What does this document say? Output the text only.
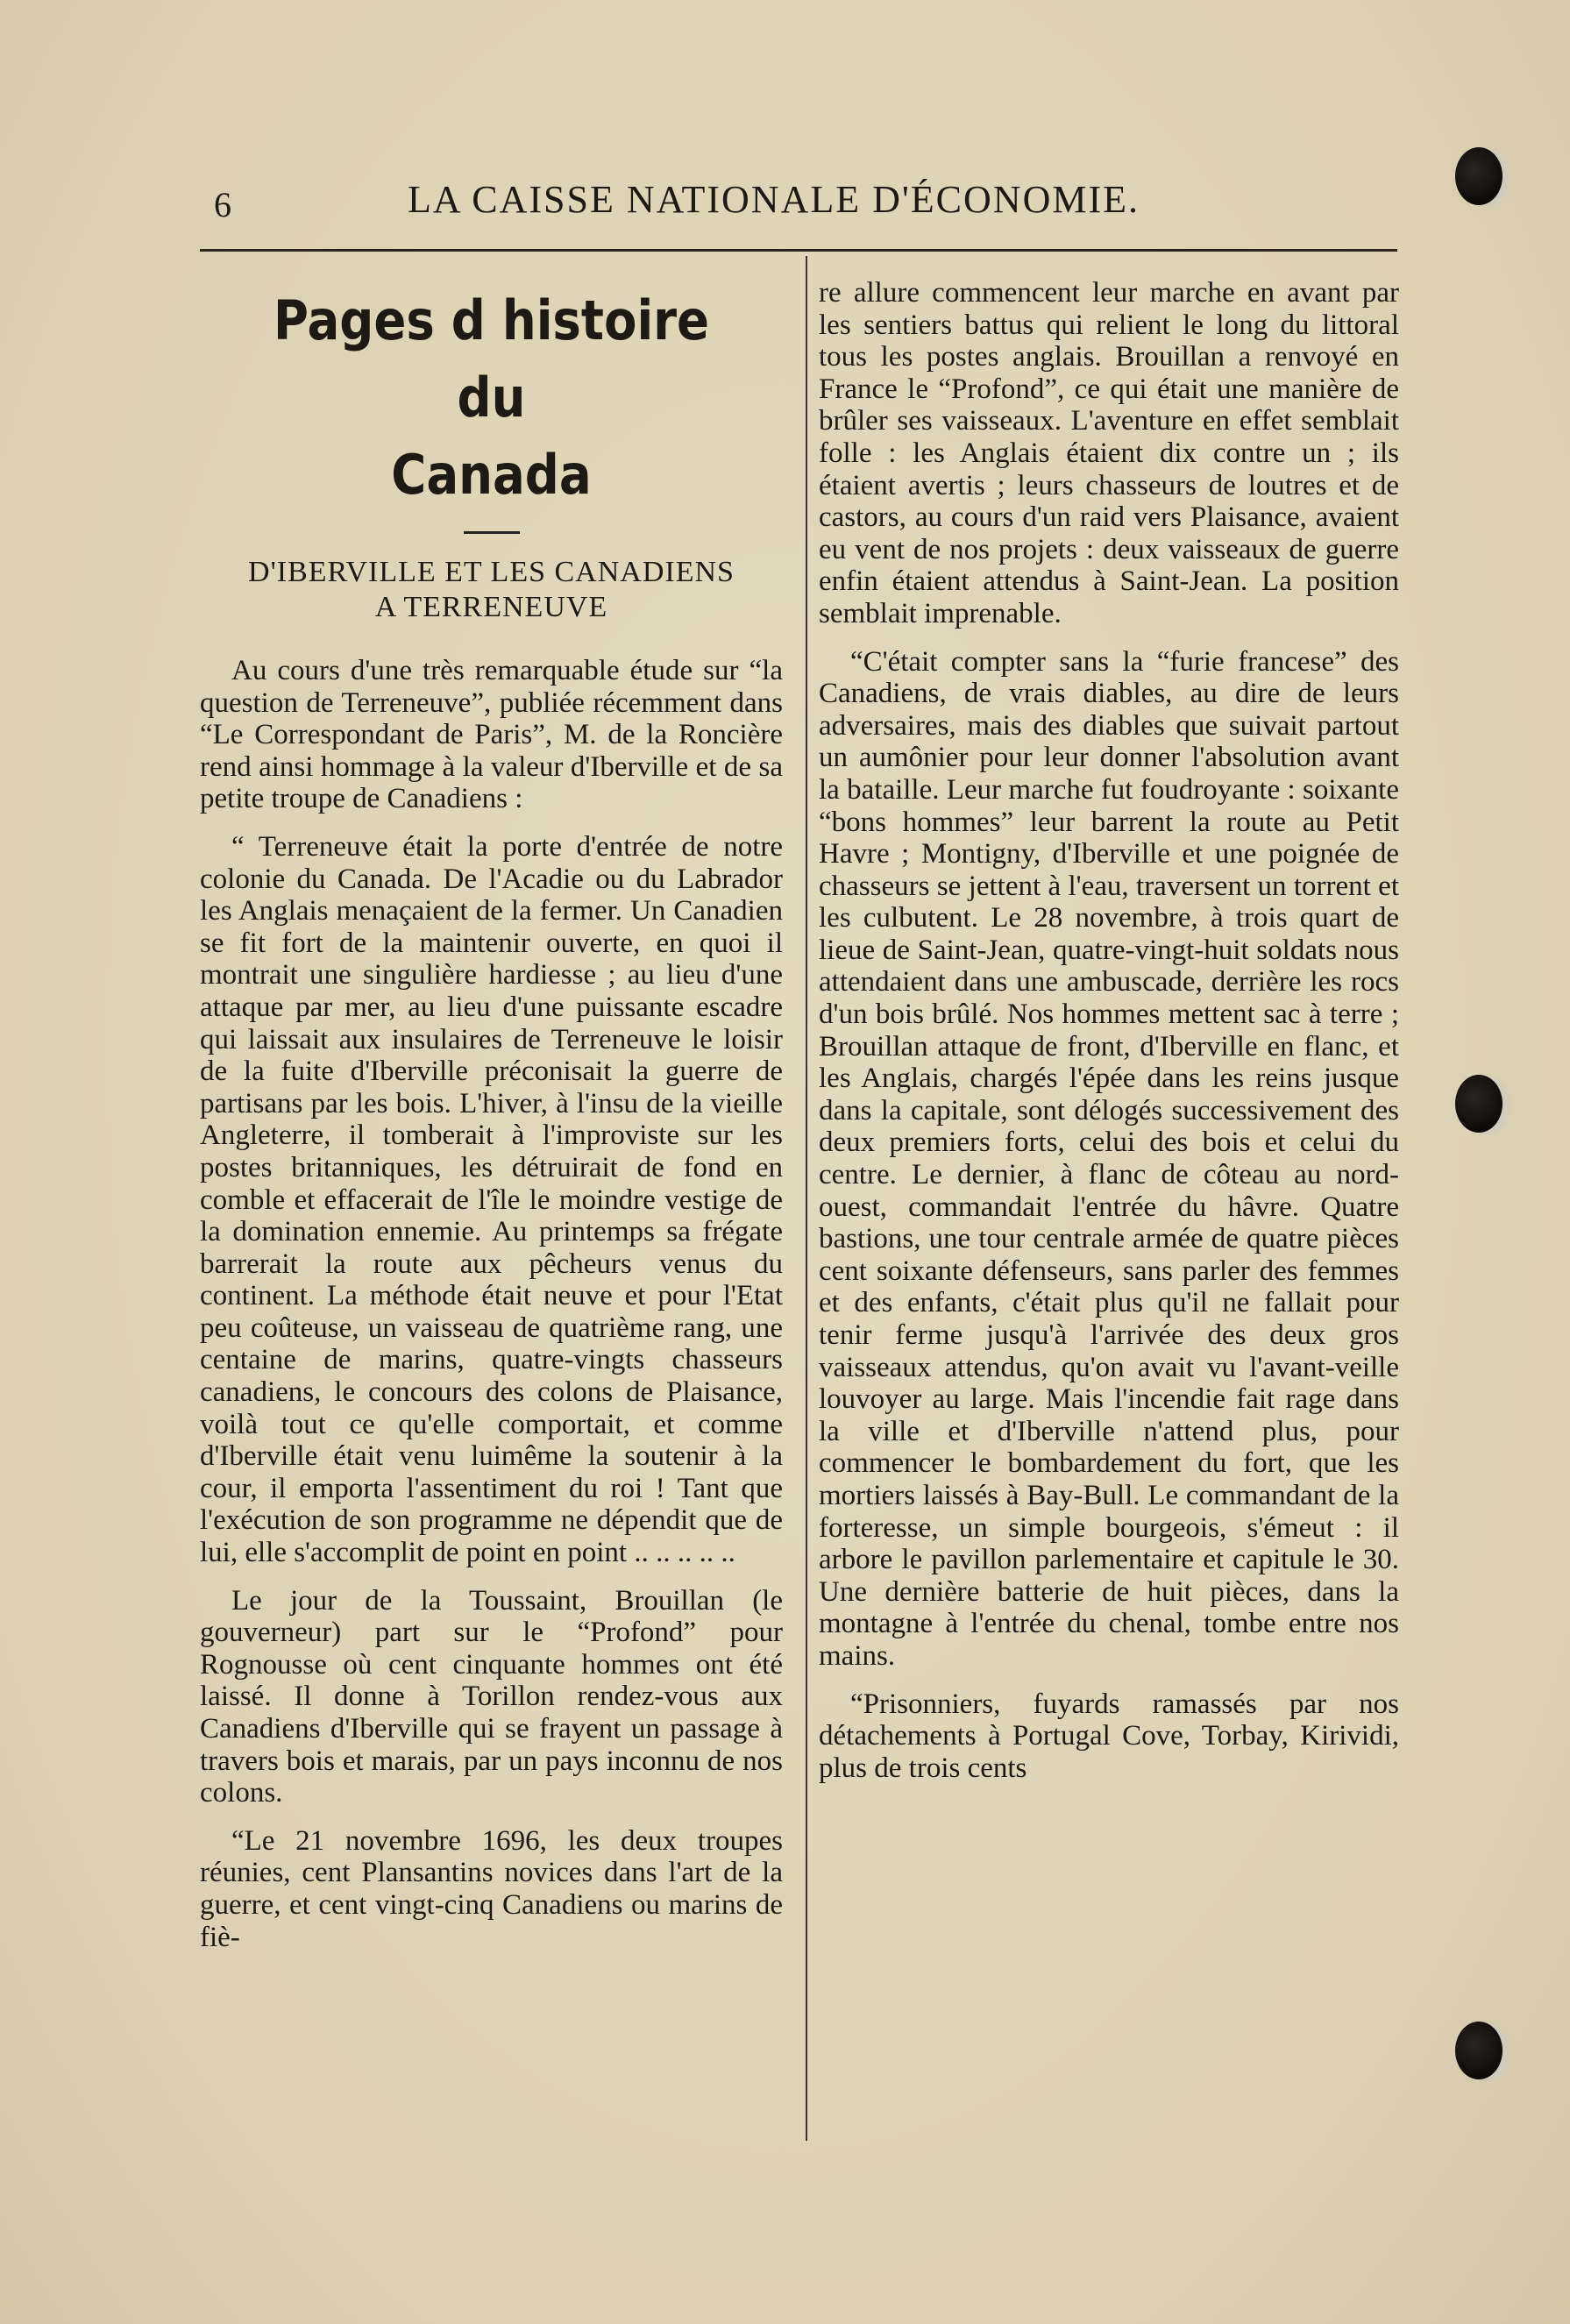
6	LA CAISSE NATIONALE D'ÉCONOMIE.
Pages d histoire du
Canada
D'IBERVILLE ET LES CANADIENS
A TERRENEUVE

Au cours d'une très remarquable étude sur “la question de Terreneuve”, publiée récemment dans “Le Correspondant de Paris”, M. de la Roncière rend ainsi hommage à la valeur d'Iberville et de sa petite troupe de Canadiens :

“ Terreneuve était la porte d'entrée de notre colonie du Canada. De l'Acadie ou du Labrador les Anglais menaçaient de la fermer. Un Canadien se fit fort de la maintenir ouverte, en quoi il montrait une singulière hardiesse ; au lieu d'une attaque par mer, au lieu d'une puissante escadre qui laissait aux insulaires de Terreneuve le loisir de la fuite d'Iberville préconisait la guerre de partisans par les bois. L'hiver, à l'insu de la vieille Angleterre, il tomberait à l'improviste sur les postes britanniques, les détruirait de fond en comble et effacerait de l'île le moindre vestige de la domination ennemie. Au printemps sa frégate barrerait la route aux pêcheurs venus du continent. La méthode était neuve et pour l'Etat peu coûteuse, un vaisseau de quatrième rang, une centaine de marins, quatre-vingts chasseurs canadiens, le concours des colons de Plaisance, voilà tout ce qu'elle comportait, et comme d'Iberville était venu luimême la soutenir à la cour, il emporta l'assentiment du roi ! Tant que l'exécution de son programme ne dépendit que de lui, elle s'accomplit de point en point .. .. .. .. ..

Le jour de la Toussaint, Brouillan (le gouverneur) part sur le “Profond” pour Rognousse où cent cinquante hommes ont été laissé. Il donne à Torillon rendez-vous aux Canadiens d'Iberville qui se frayent un passage à travers bois et marais, par un pays inconnu de nos colons.

“Le 21 novembre 1696, les deux troupes réunies, cent Plansantins novices dans l'art de la guerre, et cent vingt-cinq Canadiens ou marins de fiè-

re allure commencent leur marche en avant par les sentiers battus qui relient le long du littoral tous les postes anglais. Brouillan a renvoyé en France le “Profond”, ce qui était une manière de brûler ses vaisseaux. L'aventure en effet semblait folle : les Anglais étaient dix contre un ; ils étaient avertis ; leurs chasseurs de loutres et de castors, au cours d'un raid vers Plaisance, avaient eu vent de nos projets : deux vaisseaux de guerre enfin étaient attendus à Saint-Jean. La position semblait imprenable.

“C'était compter sans la “furie francese” des Canadiens, de vrais diables, au dire de leurs adversaires, mais des diables que suivait partout un aumônier pour leur donner l'absolution avant la bataille. Leur marche fut foudroyante : soixante “bons hommes” leur barrent la route au Petit Havre ; Montigny, d'Iberville et une poignée de chasseurs se jettent à l'eau, traversent un torrent et les culbutent. Le 28 novembre, à trois quart de lieue de Saint-Jean, quatre-vingt-huit soldats nous attendaient dans une ambuscade, derrière les rocs d'un bois brûlé. Nos hommes mettent sac à terre ; Brouillan attaque de front, d'Iberville en flanc, et les Anglais, chargés l'épée dans les reins jusque dans la capitale, sont délogés successivement des deux premiers forts, celui des bois et celui du centre. Le dernier, à flanc de côteau au nord-ouest, commandait l'entrée du hâvre. Quatre bastions, une tour centrale armée de quatre pièces cent soixante défenseurs, sans parler des femmes et des enfants, c'était plus qu'il ne fallait pour tenir ferme jusqu'à l'arrivée des deux gros vaisseaux attendus, qu'on avait vu l'avant-veille louvoyer au large. Mais l'incendie fait rage dans la ville et d'Iberville n'attend plus, pour commencer le bombardement du fort, que les mortiers laissés à Bay-Bull. Le commandant de la forteresse, un simple bourgeois, s'émeut : il arbore le pavillon parlementaire et capitule le 30. Une dernière batterie de huit pièces, dans la montagne à l'entrée du chenal, tombe entre nos mains.

“Prisonniers, fuyards ramassés par nos détachements à Portugal Cove, Torbay, Kirividi, plus de trois cents
